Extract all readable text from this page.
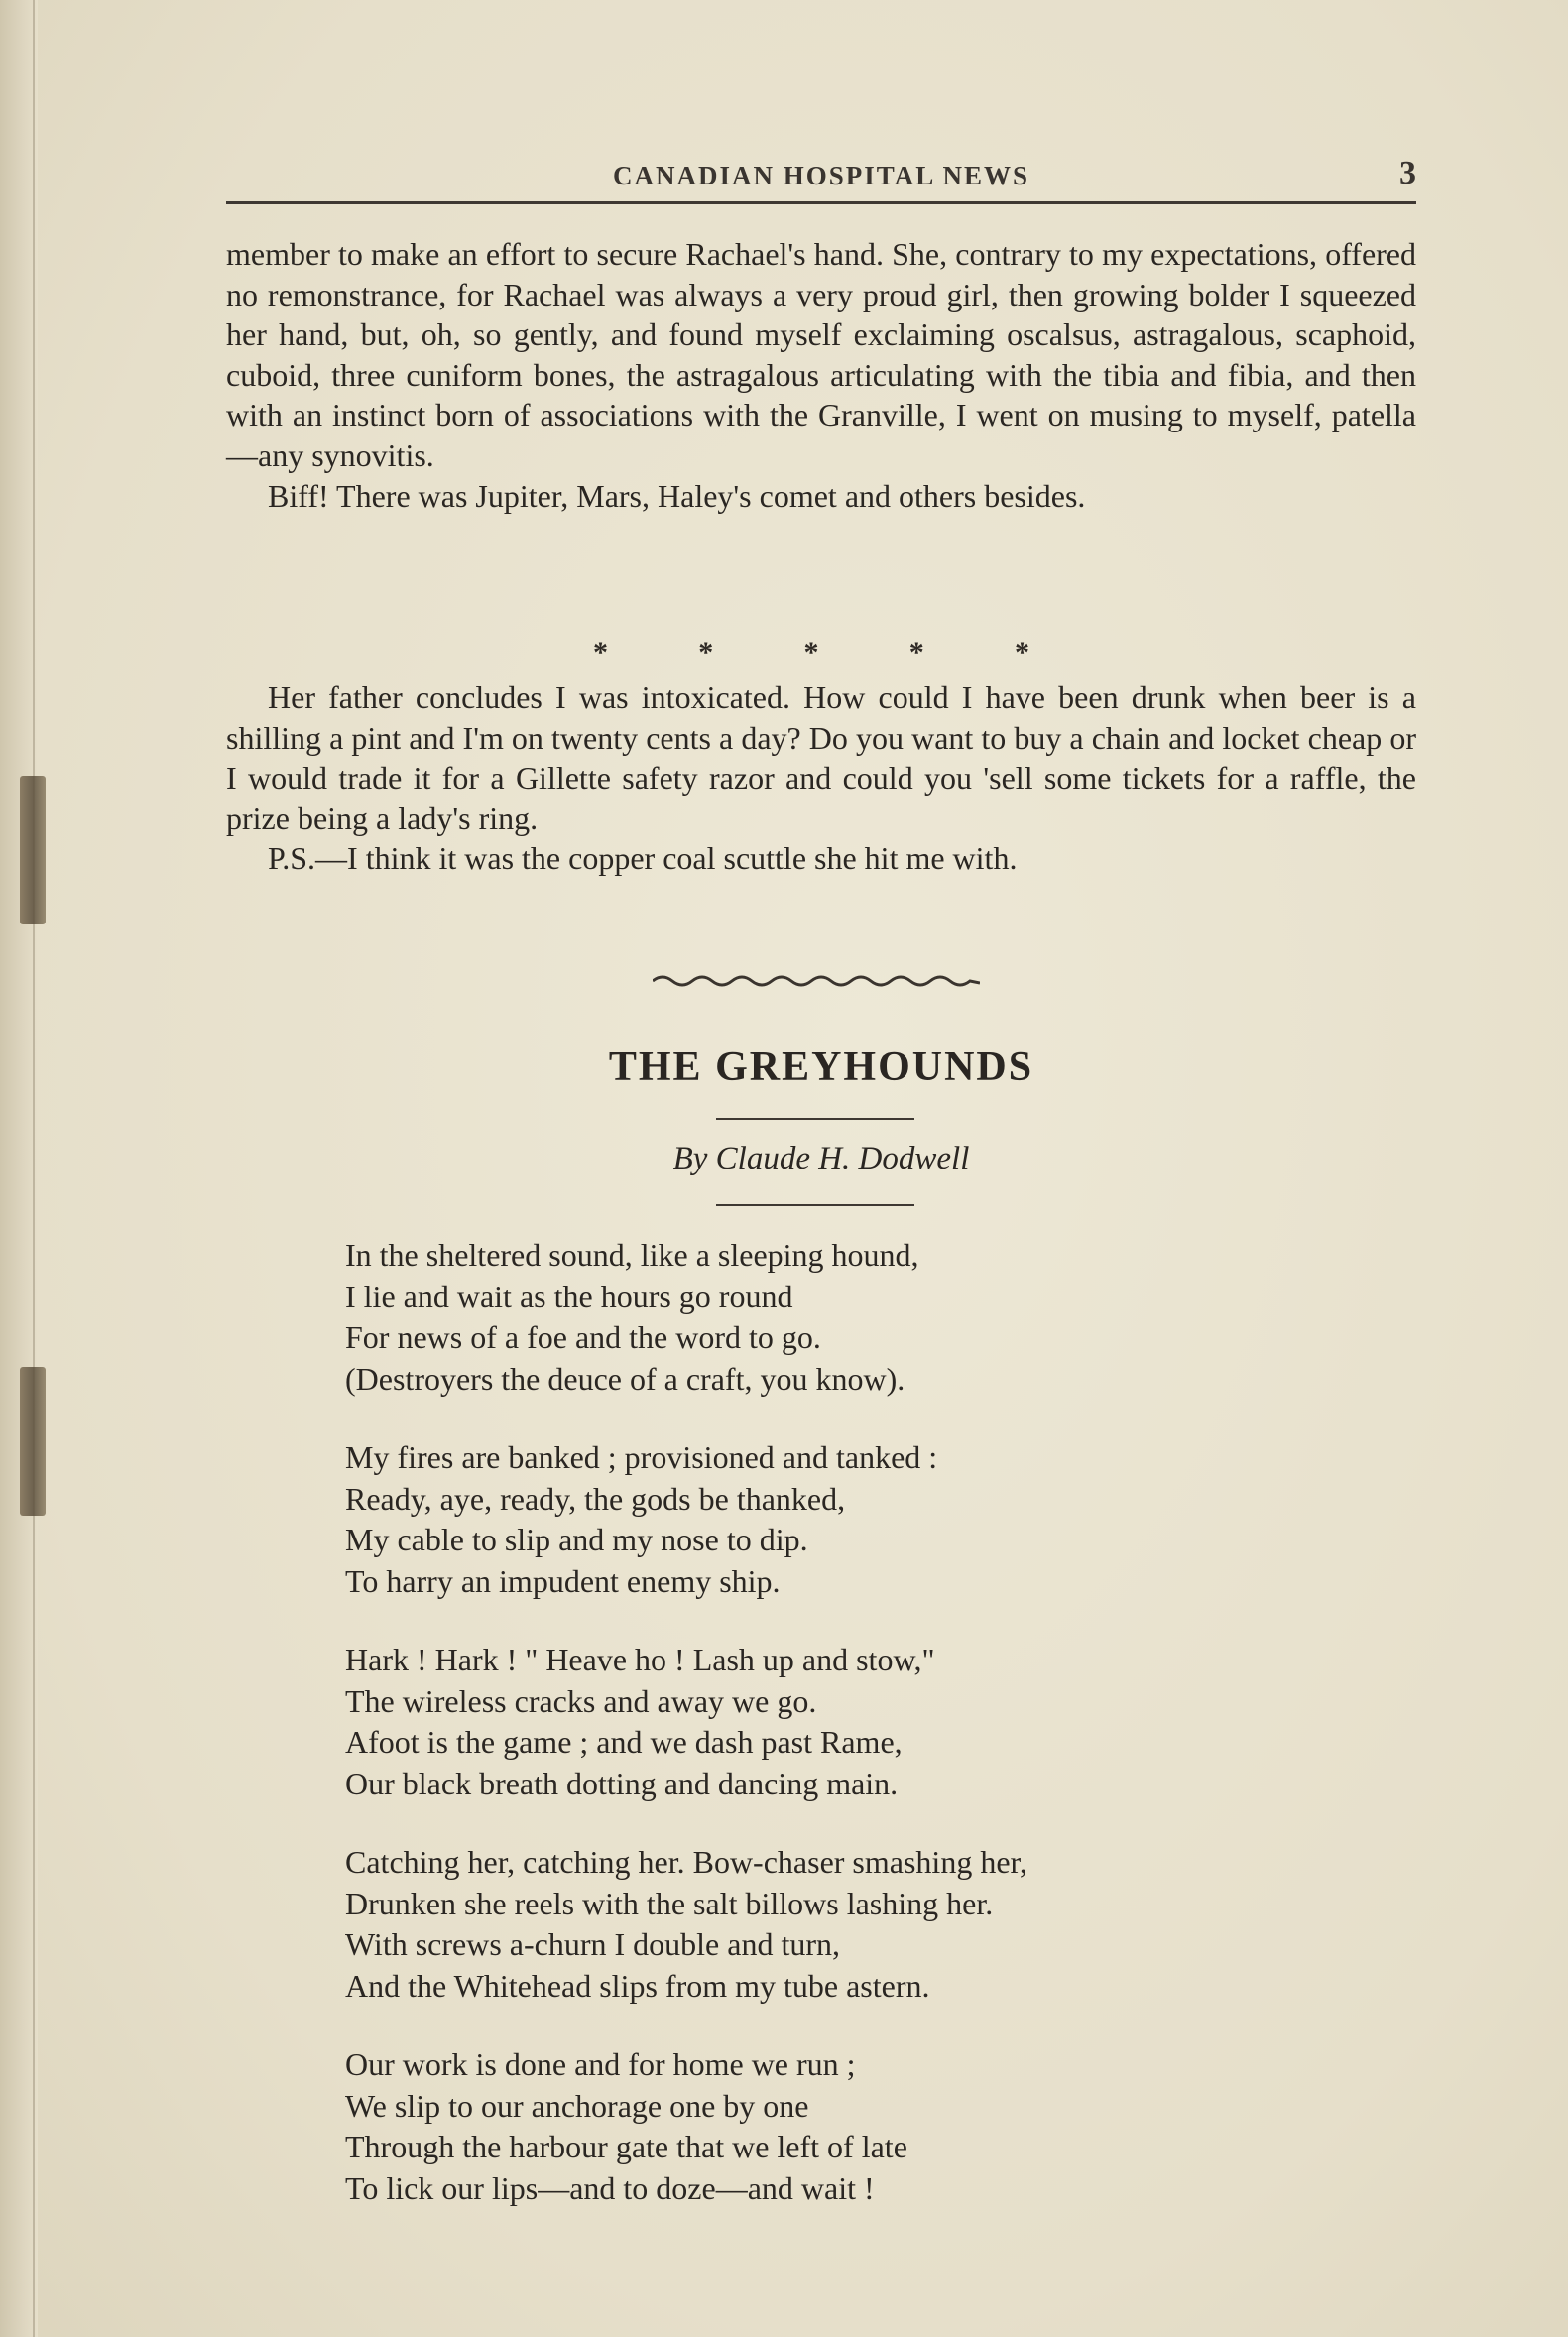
CANADIAN HOSPITAL NEWS	3

member to make an effort to secure Rachael's hand. She, contrary to my expectations, offered no remonstrance, for Rachael was always a very proud girl, then growing bolder I squeezed her hand, but, oh, so gently, and found myself exclaiming oscalsus, astragalous, scaphoid, cuboid, three cuniform bones, the astragalous articulating with the tibia and fibia, and then with an instinct born of associations with the Granville, I went on musing to myself, patella—any synovitis.

Biff! There was Jupiter, Mars, Haley's comet and others besides.

*	*	*	*	*

Her father concludes I was intoxicated. How could I have been drunk when beer is a shilling a pint and I'm on twenty cents a day? Do you want to buy a chain and locket cheap or I would trade it for a Gillette safety razor and could you 'sell some tickets for a raffle, the prize being a lady's ring.

P.S.—I think it was the copper coal scuttle she hit me with.

THE GREYHOUNDS
By Claude H. Dodwell
In the sheltered sound, like a sleeping hound,
I lie and wait as the hours go round
For news of a foe and the word to go.
(Destroyers the deuce of a craft, you know).
My fires are banked ; provisioned and tanked :
Ready, aye, ready, the gods be thanked,
My cable to slip and my nose to dip.
To harry an impudent enemy ship.
Hark ! Hark ! " Heave ho ! Lash up and stow,"
The wireless cracks and away we go.
Afoot is the game ; and we dash past Rame,
Our black breath dotting and dancing main.
Catching her, catching her. Bow-chaser smashing her,
Drunken she reels with the salt billows lashing her.
With screws a-churn I double and turn,
And the Whitehead slips from my tube astern.
Our work is done and for home we run ;
We slip to our anchorage one by one
Through the harbour gate that we left of late
To lick our lips—and to doze—and wait !
